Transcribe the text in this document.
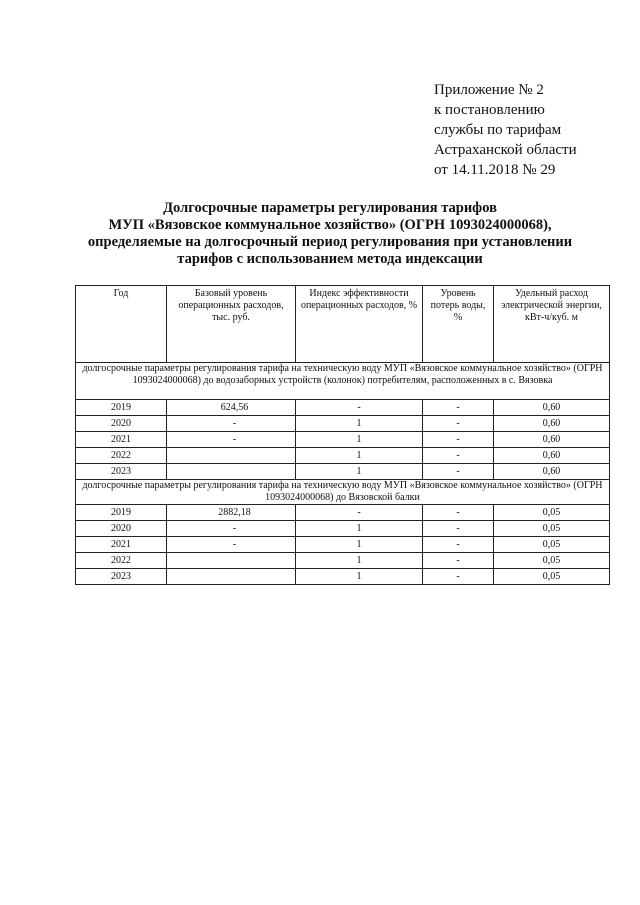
Приложение № 2
к постановлению
службы по тарифам
Астраханской области
от 14.11.2018 № 29
Долгосрочные параметры регулирования тарифов
МУП «Вязовское коммунальное хозяйство» (ОГРН 1093024000068),
определяемые на долгосрочный период регулирования при установлении
тарифов с использованием метода индексации
Год	Базовый уровень операционных расходов, тыс. руб.	Индекс эффективности операционных расходов, %	Уровень потерь воды, %	Удельный расход электрической энергии, кВт-ч/куб. м
долгосрочные параметры регулирования тарифа на техническую воду МУП «Вязовское коммунальное хозяйство» (ОГРН 1093024000068) до водозаборных устройств (колонок) потребителям, расположенных в с. Вязовка				
2019	624,56	-	-	0,60
2020	-	1	-	0,60
2021	-	1	-	0,60
2022		1	-	0,60
2023		1	-	0,60
долгосрочные параметры регулирования тарифа на техническую воду МУП «Вязовское коммунальное хозяйство» (ОГРН 1093024000068) до Вязовской балки				
2019	2882,18	-	-	0,05
2020	-	1	-	0,05
2021	-	1	-	0,05
2022		1	-	0,05
2023		1	-	0,05
